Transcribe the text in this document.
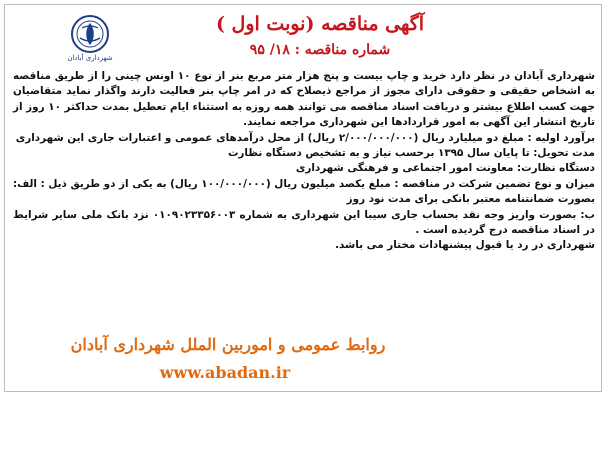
شهرداری آبادان
آگهی مناقصه (نوبت اول )
شماره مناقصه : ۱۸/ ۹۵

شهرداری آبادان در نظر دارد خرید و چاپ بیست و پنج هزار متر مربع بنر از نوع ۱۰ اونس چینی را از طریق مناقصه به اشخاص حقیقی و حقوقی دارای مجوز از مراجع ذیصلاح که در امر چاپ بنر فعالیت دارند واگذار نماید متقاضیان جهت کسب اطلاع بیشتر و دریافت اسناد مناقصه می توانند همه روزه به استثناء ایام تعطیل بمدت حداکثر ۱۰ روز از تاریخ انتشار این آگهی به امور قراردادها این شهرداری مراجعه نمایند.

برآورد اولیه : مبلغ دو میلیارد ریال (۲/۰۰۰/۰۰۰/۰۰۰ ریال) از محل درآمدهای عمومی و اعتبارات جاری این شهرداری

مدت تحویل: تا پایان سال ۱۳۹۵ برحسب نیاز و به تشخیص دستگاه نظارت

دستگاه نظارت: معاونت امور اجتماعی و فرهنگی شهرداری

میزان و نوع تضمین شرکت در مناقصه : مبلغ یکصد میلیون ریال (۱۰۰/۰۰۰/۰۰۰ ریال) به یکی از دو طریق ذیل : الف: بصورت ضمانتنامه معتبر بانکی برای مدت نود روز

ب: بصورت واریز وجه نقد بحساب جاری سیبا این شهرداری به شماره ۰۱۰۹۰۲۳۳۵۶۰۰۳ نزد بانک ملی سایر شرایط در اسناد مناقصه درج گردیده است .

شهرداری در رد یا قبول پیشنهادات مختار می باشد.

روابط عمومی و اموربین الملل شهرداری آبادان
www.abadan.ir
